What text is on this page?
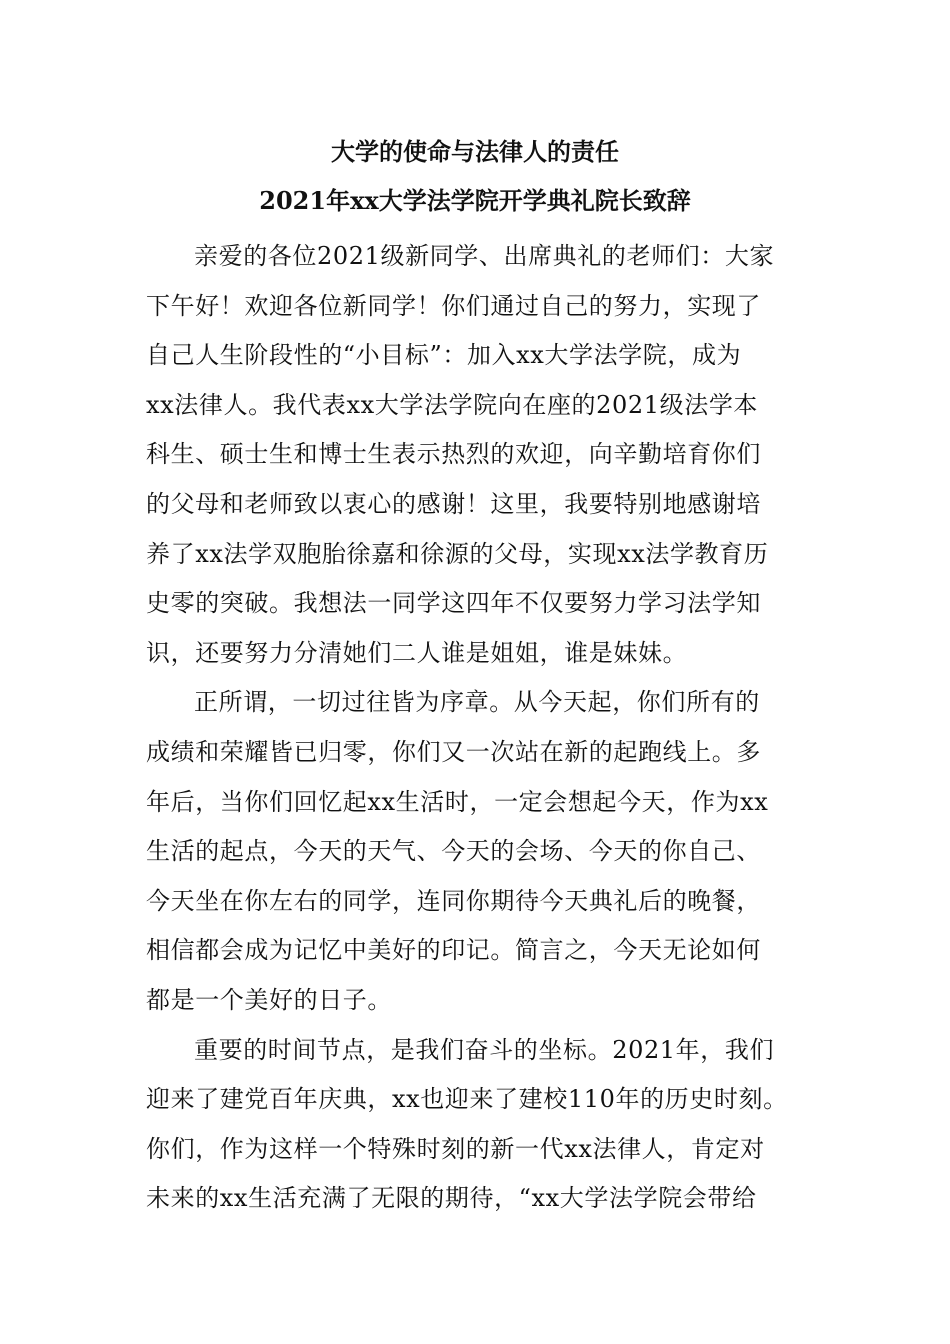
大学的使命与法律人的责任
2021年xx大学法学院开学典礼院长致辞
亲爱的各位2021级新同学、出席典礼的老师们：大家
下午好！欢迎各位新同学！你们通过自己的努力，实现了
自己人生阶段性的“小目标”：加入xx大学法学院，成为
xx法律人。我代表xx大学法学院向在座的2021级法学本
科生、硕士生和博士生表示热烈的欢迎，向辛勤培育你们
的父母和老师致以衷心的感谢！这里，我要特别地感谢培
养了xx法学双胞胎徐嘉和徐源的父母，实现xx法学教育历
史零的突破。我想法一同学这四年不仅要努力学习法学知
识，还要努力分清她们二人谁是姐姐，谁是妹妹。
正所谓，一切过往皆为序章。从今天起，你们所有的
成绩和荣耀皆已归零，你们又一次站在新的起跑线上。多
年后，当你们回忆起xx生活时，一定会想起今天，作为xx
生活的起点，今天的天气、今天的会场、今天的你自己、
今天坐在你左右的同学，连同你期待今天典礼后的晚餐，
相信都会成为记忆中美好的印记。简言之，今天无论如何
都是一个美好的日子。
重要的时间节点，是我们奋斗的坐标。2021年，我们
迎来了建党百年庆典，xx也迎来了建校110年的历史时刻。
你们，作为这样一个特殊时刻的新一代xx法律人，肯定对
未来的xx生活充满了无限的期待，“xx大学法学院会带给
